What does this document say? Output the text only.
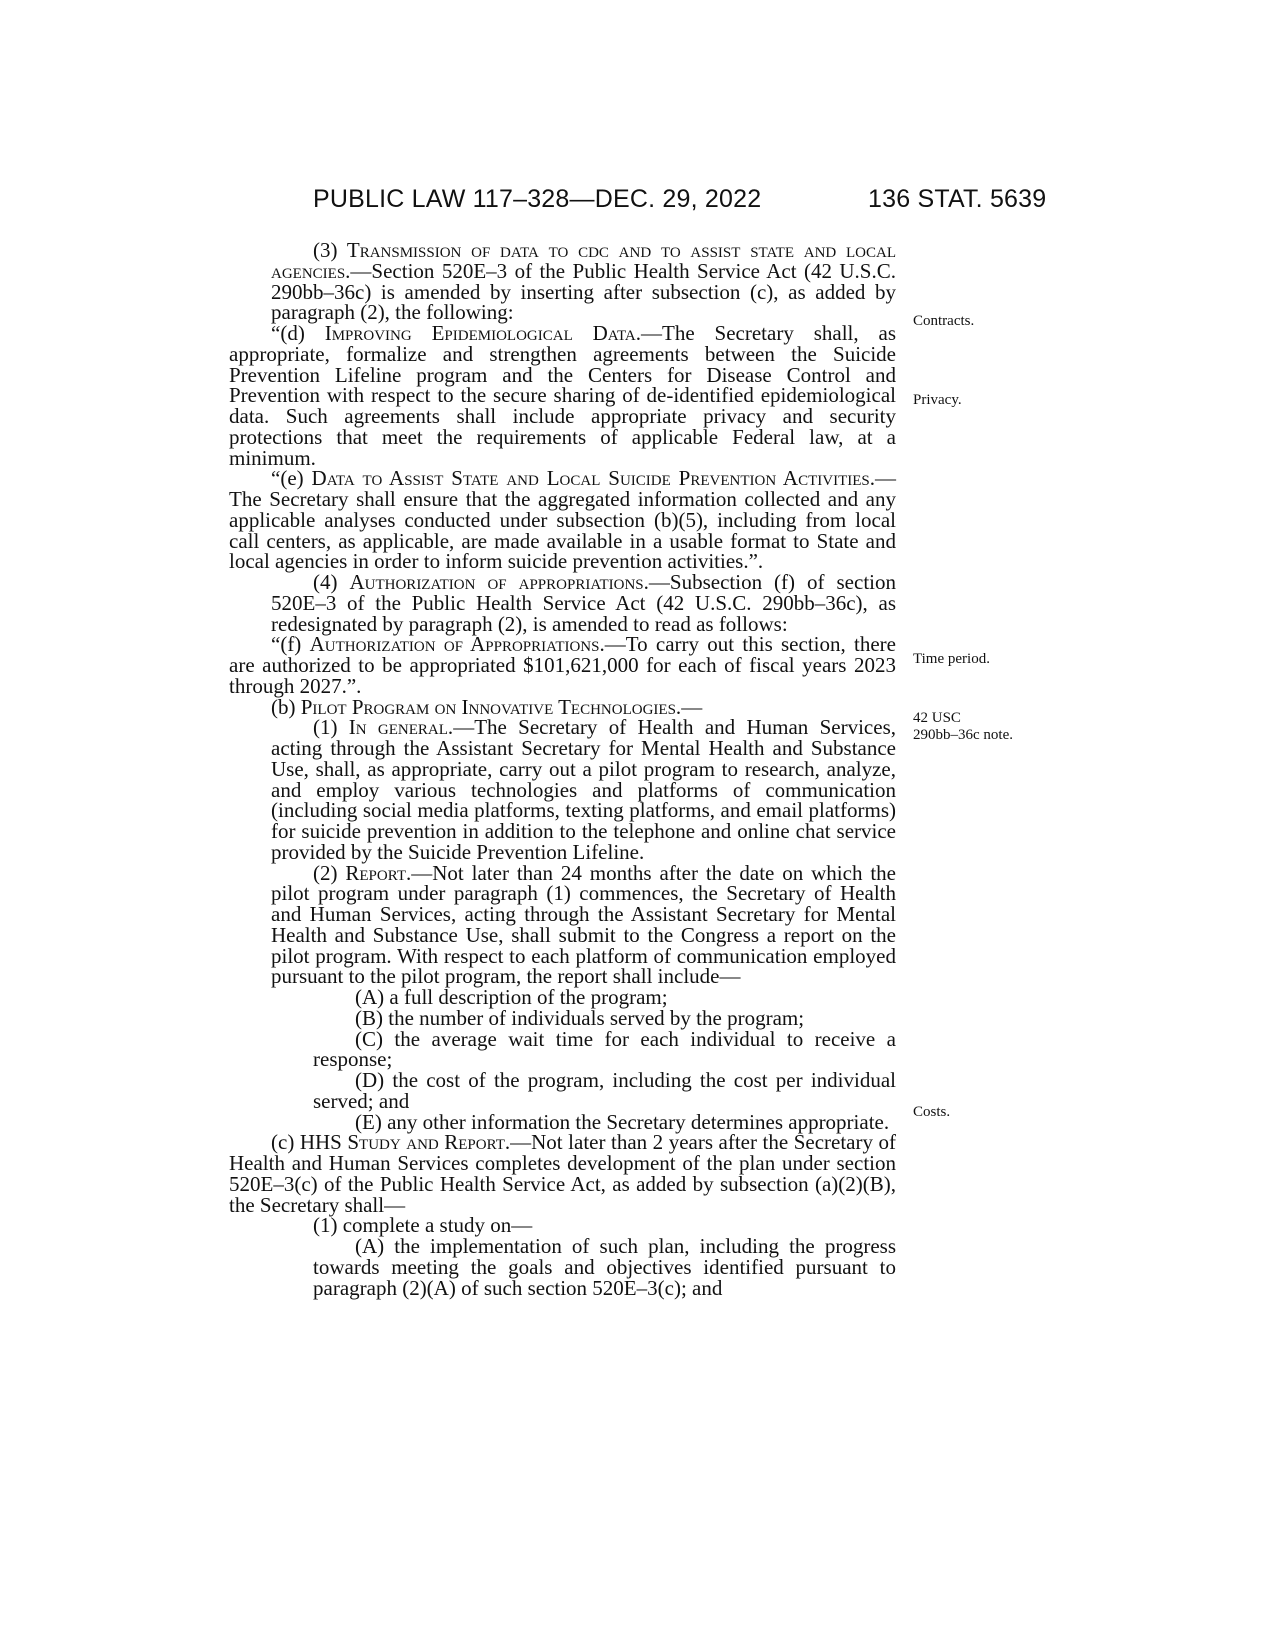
PUBLIC LAW 117–328—DEC. 29, 2022	136 STAT. 5639

(3) Transmission of data to cdc and to assist state and local agencies.—Section 520E–3 of the Public Health Service Act (42 U.S.C. 290bb–36c) is amended by inserting after subsection (c), as added by paragraph (2), the following:

“(d) Improving Epidemiological Data.—The Secretary shall, as appropriate, formalize and strengthen agreements between the Suicide Prevention Lifeline program and the Centers for Disease Control and Prevention with respect to the secure sharing of de-identified epidemiological data. Such agreements shall include appropriate privacy and security protections that meet the requirements of applicable Federal law, at a minimum.

“(e) Data to Assist State and Local Suicide Prevention Activities.—The Secretary shall ensure that the aggregated information collected and any applicable analyses conducted under subsection (b)(5), including from local call centers, as applicable, are made available in a usable format to State and local agencies in order to inform suicide prevention activities.”.

(4) Authorization of appropriations.—Subsection (f) of section 520E–3 of the Public Health Service Act (42 U.S.C. 290bb–36c), as redesignated by paragraph (2), is amended to read as follows:

“(f) Authorization of Appropriations.—To carry out this section, there are authorized to be appropriated $101,621,000 for each of fiscal years 2023 through 2027.”.

(b) Pilot Program on Innovative Technologies.—

(1) In general.—The Secretary of Health and Human Services, acting through the Assistant Secretary for Mental Health and Substance Use, shall, as appropriate, carry out a pilot program to research, analyze, and employ various technologies and platforms of communication (including social media platforms, texting platforms, and email platforms) for suicide prevention in addition to the telephone and online chat service provided by the Suicide Prevention Lifeline.

(2) Report.—Not later than 24 months after the date on which the pilot program under paragraph (1) commences, the Secretary of Health and Human Services, acting through the Assistant Secretary for Mental Health and Substance Use, shall submit to the Congress a report on the pilot program. With respect to each platform of communication employed pursuant to the pilot program, the report shall include—

(A) a full description of the program;

(B) the number of individuals served by the program;

(C) the average wait time for each individual to receive a response;

(D) the cost of the program, including the cost per individual served; and

(E) any other information the Secretary determines appropriate.

(c) HHS Study and Report.—Not later than 2 years after the Secretary of Health and Human Services completes development of the plan under section 520E–3(c) of the Public Health Service Act, as added by subsection (a)(2)(B), the Secretary shall—

(1) complete a study on—

(A) the implementation of such plan, including the progress towards meeting the goals and objectives identified pursuant to paragraph (2)(A) of such section 520E–3(c); and

Contracts.
Privacy.
Time period.
42 USC
290bb–36c note.
Costs.
